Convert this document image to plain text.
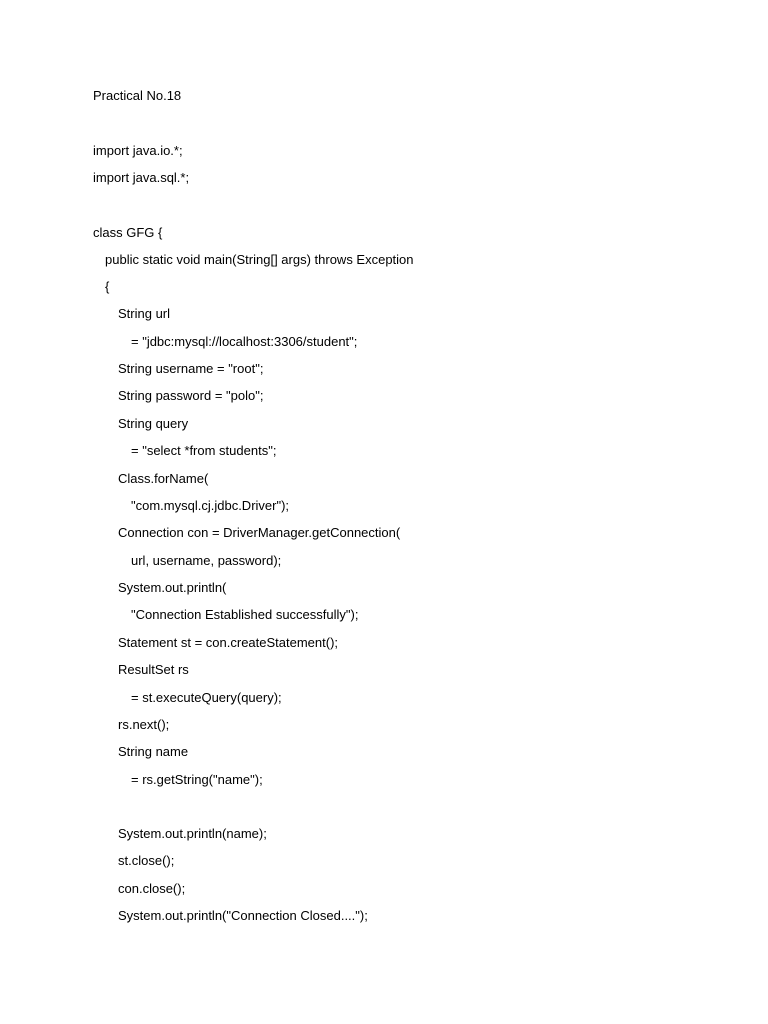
Practical No.18
import java.io.*;
import java.sql.*;
class GFG {
public static void main(String[] args) throws Exception
{
String url
= "jdbc:mysql://localhost:3306/student";
String username = "root";
String password = "polo";
String query
= "select *from students";
Class.forName(
"com.mysql.cj.jdbc.Driver");
Connection con = DriverManager.getConnection(
url, username, password);
System.out.println(
"Connection Established successfully");
Statement st = con.createStatement();
ResultSet rs
= st.executeQuery(query);
rs.next();
String name
= rs.getString("name");
System.out.println(name);
st.close();
con.close();
System.out.println("Connection Closed....");
